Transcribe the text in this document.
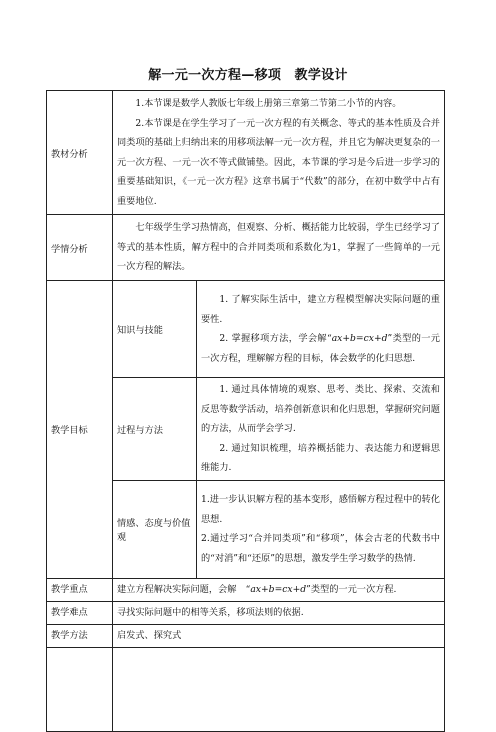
解一元一次方程—移项　教学设计
教材分析	1.本节课是数学人教版七年级上册第三章第二节第二小节的内容。

2.本节课是在学生学习了一元一次方程的有关概念、等式的基本性质及合并同类项的基础上归纳出来的用移项法解一元一次方程，并且它为解决更复杂的一元一次方程、一元一次不等式做铺垫。因此，本节课的学习是今后进一步学习的重要基础知识，《一元一次方程》这章书属于“代数”的部分，在初中数学中占有重要地位.	

学情分析	七年级学生学习热情高，但观察、分析、概括能力比较弱，学生已经学习了等式的基本性质，解方程中的合并同类项和系数化为1，掌握了一些简单的一元一次方程的解法。	

教学目标	知识与技能	1. 了解实际生活中，建立方程模型解决实际问题的重要性.

2. 掌握移项方法，学会解“ax+b=cx+d”类型的一元一次方程，理解解方程的目标，体会数学的化归思想.

	过程与方法	1. 通过具体情境的观察、思考、类比、探索、交流和反思等数学活动，培养创新意识和化归思想，掌握研究问题的方法，从而学会学习.

2. 通过知识梳理，培养概括能力、表达能力和逻辑思维能力.

	情感、态度与价值观	1.进一步认识解方程的基本变形，感悟解方程过程中的转化思想.

2.通过学习“合并同类项”和“移项”，体会古老的代数书中的“对消”和“还原”的思想，激发学生学习数学的热情.

教学重点	建立方程解决实际问题，会解　“ax+b=cx+d”类型的一元一次方程.	
教学难点	寻找实际问题中的相等关系，移项法则的依据.	
教学方法	启发式、探究式	
